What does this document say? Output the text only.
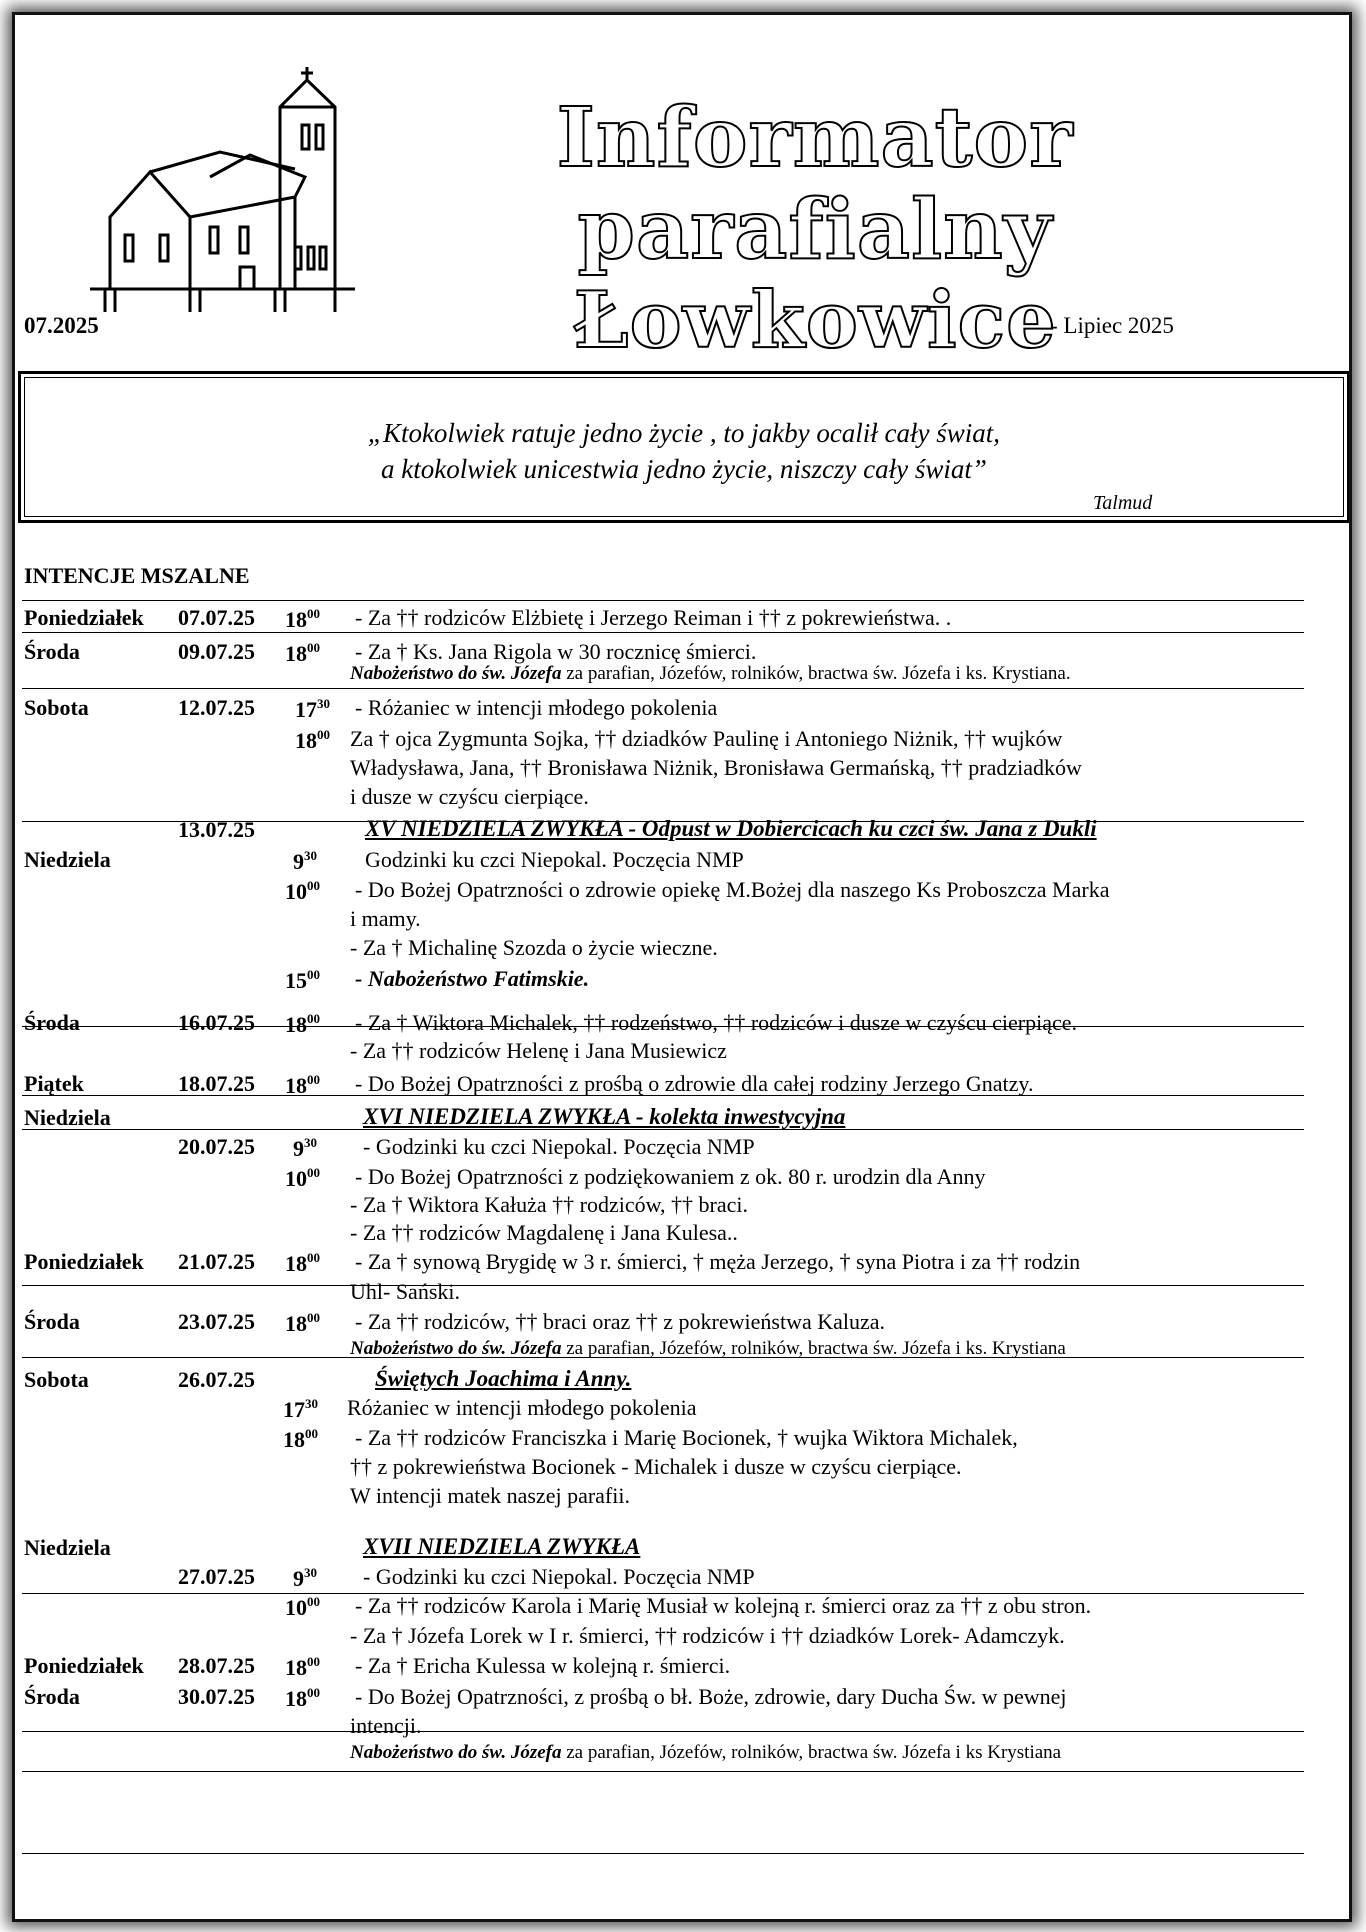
Informator parafialny
Łowkowice
07.2025	- Lipiec 2025
„Ktokolwiek ratuje jedno życie , to jakby ocalił cały świat,
a ktokolwiek unicestwia jedno życie, niszczy cały świat”
Talmud
INTENCJE MSZALNE
Poniedziałek 07.07.25 $18^{00}$ - Za †† rodziców Elżbietę i Jerzego Reiman i †† z pokrewieństwa. .
Środa	09.07.25 $18^{00}$ - Za † Ks. Jana Rigola w 30 rocznicę śmierci.
Nabożeństwo do św. Józefa za parafian, Józefów, rolników, bractwa św. Józefa i ks. Krystiana.
Sobota	12.07.25 $17^{30}$ - Różaniec w intencji młodego pokolenia
$18^{00}$ Za † ojca Zygmunta Sojka, †† dziadków Paulinę i Antoniego Niżnik, †† wujków
Władysława, Jana, †† Bronisława Niżnik, Bronisława Germańską, †† pradziadków
i dusze w czyścu cierpiące.
13.07.25	XV NIEDZIELA ZWYKŁA - Odpust w Dobiercicach ku czci św. Jana z Dukli
Niedziela	$9^{30}$ Godzinki ku czci Niepokal. Poczęcia NMP
$10^{00}$ - Do Bożej Opatrzności o zdrowie opiekę M.Bożej dla naszego Ks Proboszcza Marka
i mamy.
- Za † Michalinę Szozda o życie wieczne.
$15^{00}$ - Nabożeństwo Fatimskie.
Środa	16.07.25 $18^{00}$ - Za † Wiktora Michalek, †† rodzeństwo, †† rodziców i dusze w czyścu cierpiące.
- Za †† rodziców Helenę i Jana Musiewicz
Piątek	18.07.25 $18^{00}$ - Do Bożej Opatrzności z prośbą o zdrowie dla całej rodziny Jerzego Gnatzy.
Niedziela	XVI NIEDZIELA ZWYKŁA - kolekta inwestycyjna
20.07.25 $9^{30}$ - Godzinki ku czci Niepokal. Poczęcia NMP
$10^{00}$ - Do Bożej Opatrzności z podziękowaniem z ok. 80 r. urodzin dla Anny
- Za † Wiktora Kałuża †† rodziców, †† braci.
- Za †† rodziców Magdalenę i Jana Kulesa..
Poniedziałek 21.07.25 $18^{00}$ - Za † synową Brygidę w 3 r. śmierci, † męża Jerzego, † syna Piotra i za †† rodzin
Uhl- Sański.
Środa	23.07.25 $18^{00}$ - Za †† rodziców, †† braci oraz †† z pokrewieństwa Kaluza.
Nabożeństwo do św. Józefa za parafian, Józefów, rolników, bractwa św. Józefa i ks. Krystiana
Sobota	26.07.25	Świętych Joachima i Anny.
$17^{30}$ Różaniec w intencji młodego pokolenia
$18^{00}$ - Za †† rodziców Franciszka i Marię Bocionek, † wujka Wiktora Michalek,
†† z pokrewieństwa Bocionek - Michalek i dusze w czyścu cierpiące.
W intencji matek naszej parafii.
Niedziela	XVII NIEDZIELA ZWYKŁA
27.07.25 $9^{30}$ - Godzinki ku czci Niepokal. Poczęcia NMP
$10^{00}$ - Za †† rodziców Karola i Marię Musiał w kolejną r. śmierci oraz za †† z obu stron.
- Za † Józefa Lorek w I r. śmierci, †† rodziców i †† dziadków Lorek- Adamczyk.
Poniedziałek 28.07.25 $18^{00}$ - Za † Ericha Kulessa w kolejną r. śmierci.
Środa	30.07.25 $18^{00}$ - Do Bożej Opatrzności, z prośbą o bł. Boże, zdrowie, dary Ducha Św. w pewnej
intencji.
Nabożeństwo do św. Józefa za parafian, Józefów, rolników, bractwa św. Józefa i ks Krystiana
